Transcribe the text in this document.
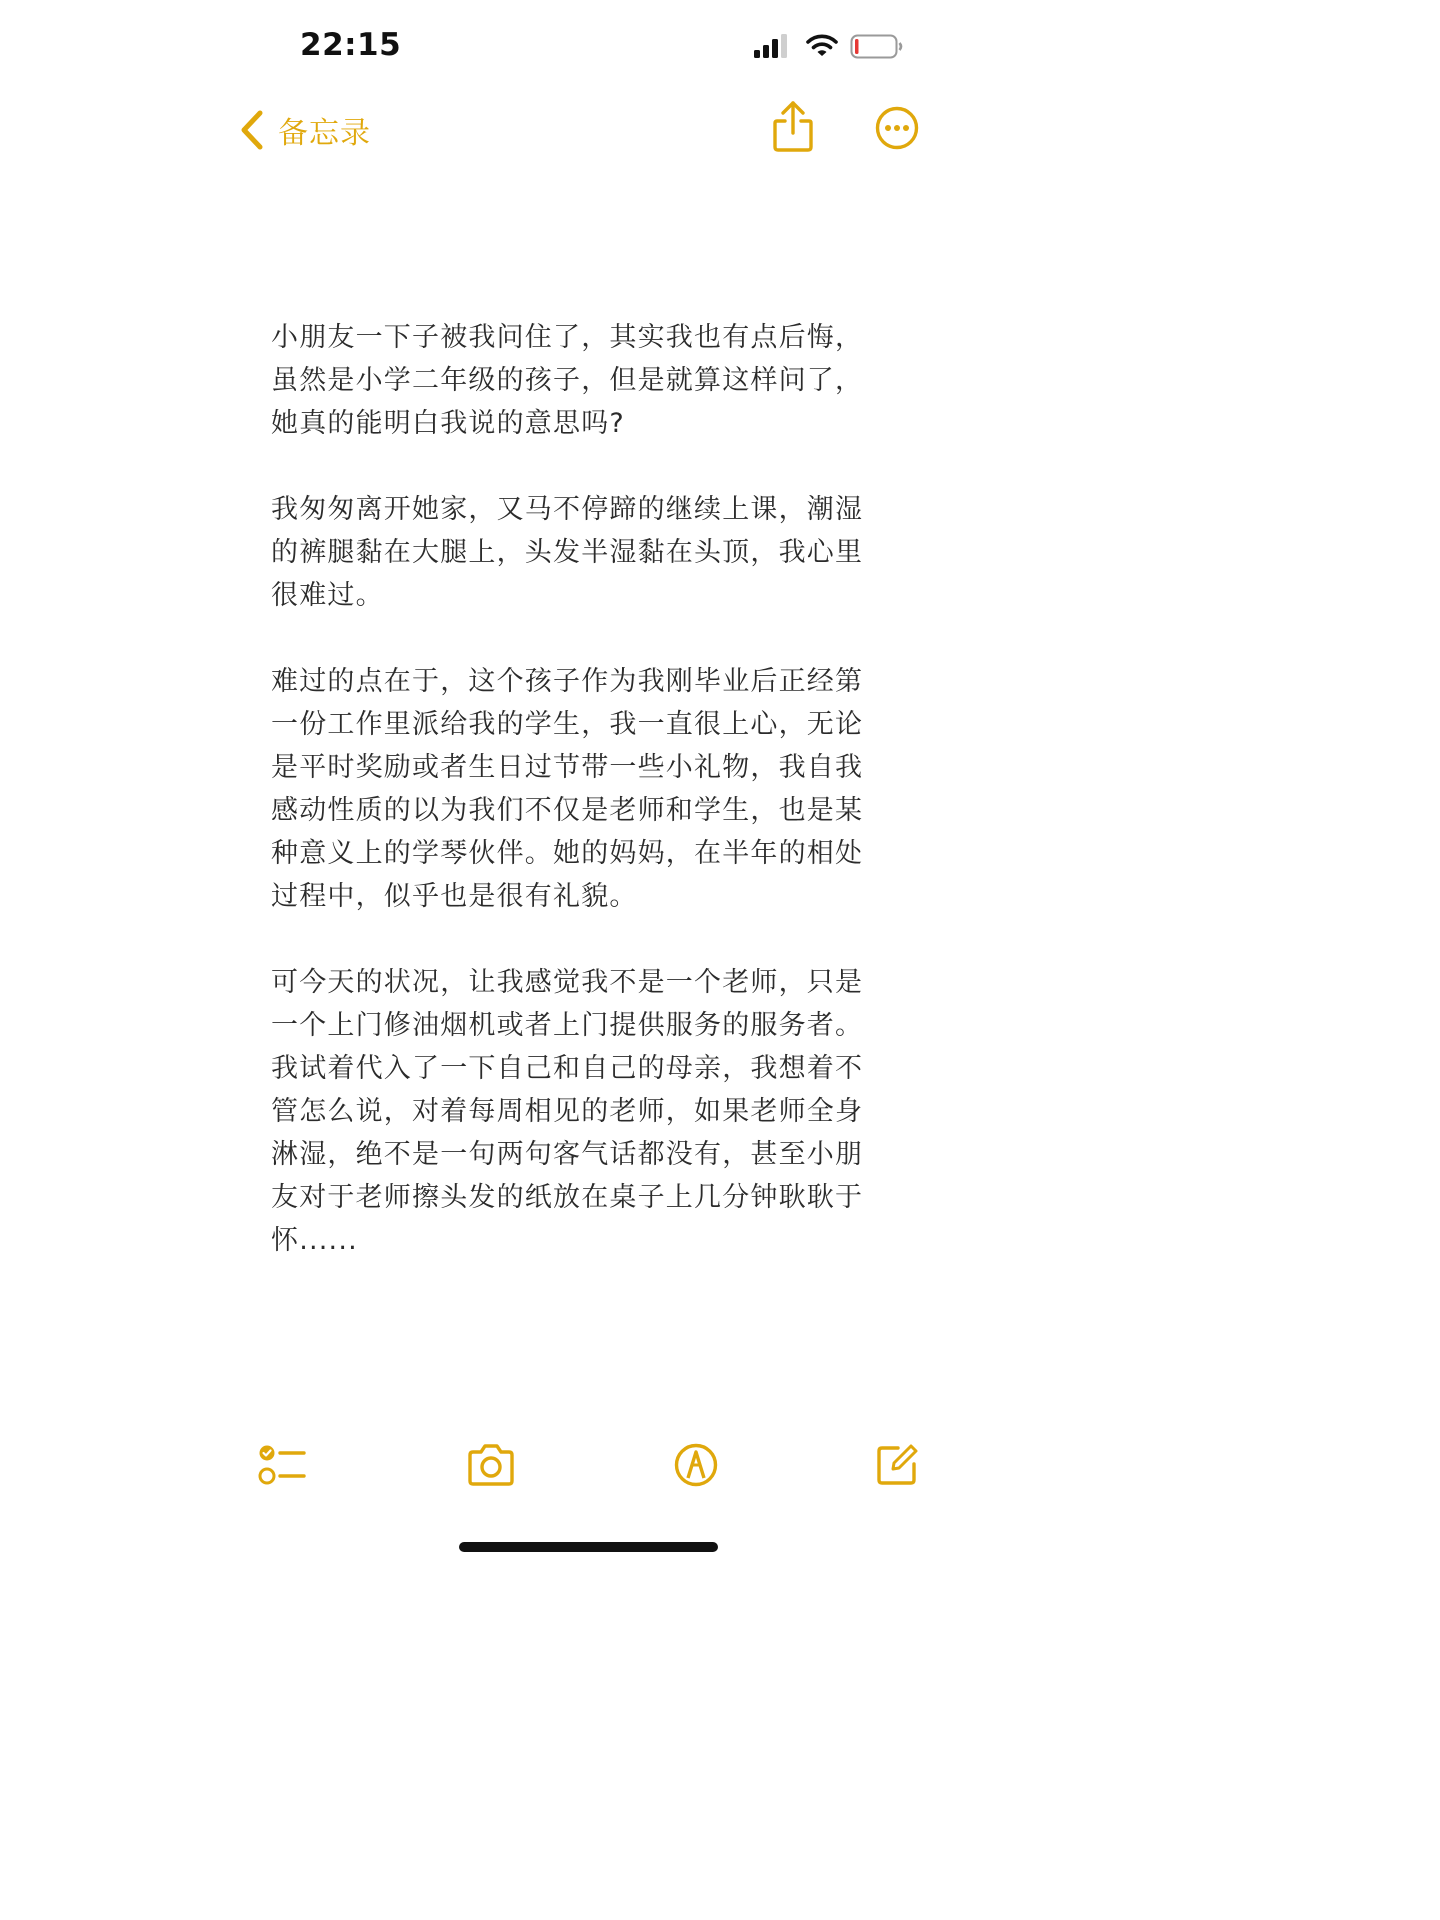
22:15
备忘录

小朋友一下子被我问住了，其实我也有点后悔，虽然是小学二年级的孩子，但是就算这样问了，她真的能明白我说的意思吗?

我匆匆离开她家，又马不停蹄的继续上课，潮湿的裤腿黏在大腿上，头发半湿黏在头顶，我心里很难过。

难过的点在于，这个孩子作为我刚毕业后正经第一份工作里派给我的学生，我一直很上心，无论是平时奖励或者生日过节带一些小礼物，我自我感动性质的以为我们不仅是老师和学生，也是某种意义上的学琴伙伴。她的妈妈，在半年的相处过程中，似乎也是很有礼貌。

可今天的状况，让我感觉我不是一个老师，只是一个上门修油烟机或者上门提供服务的服务者。我试着代入了一下自己和自己的母亲，我想着不管怎么说，对着每周相见的老师，如果老师全身淋湿，绝不是一句两句客气话都没有，甚至小朋友对于老师擦头发的纸放在桌子上几分钟耿耿于怀......
